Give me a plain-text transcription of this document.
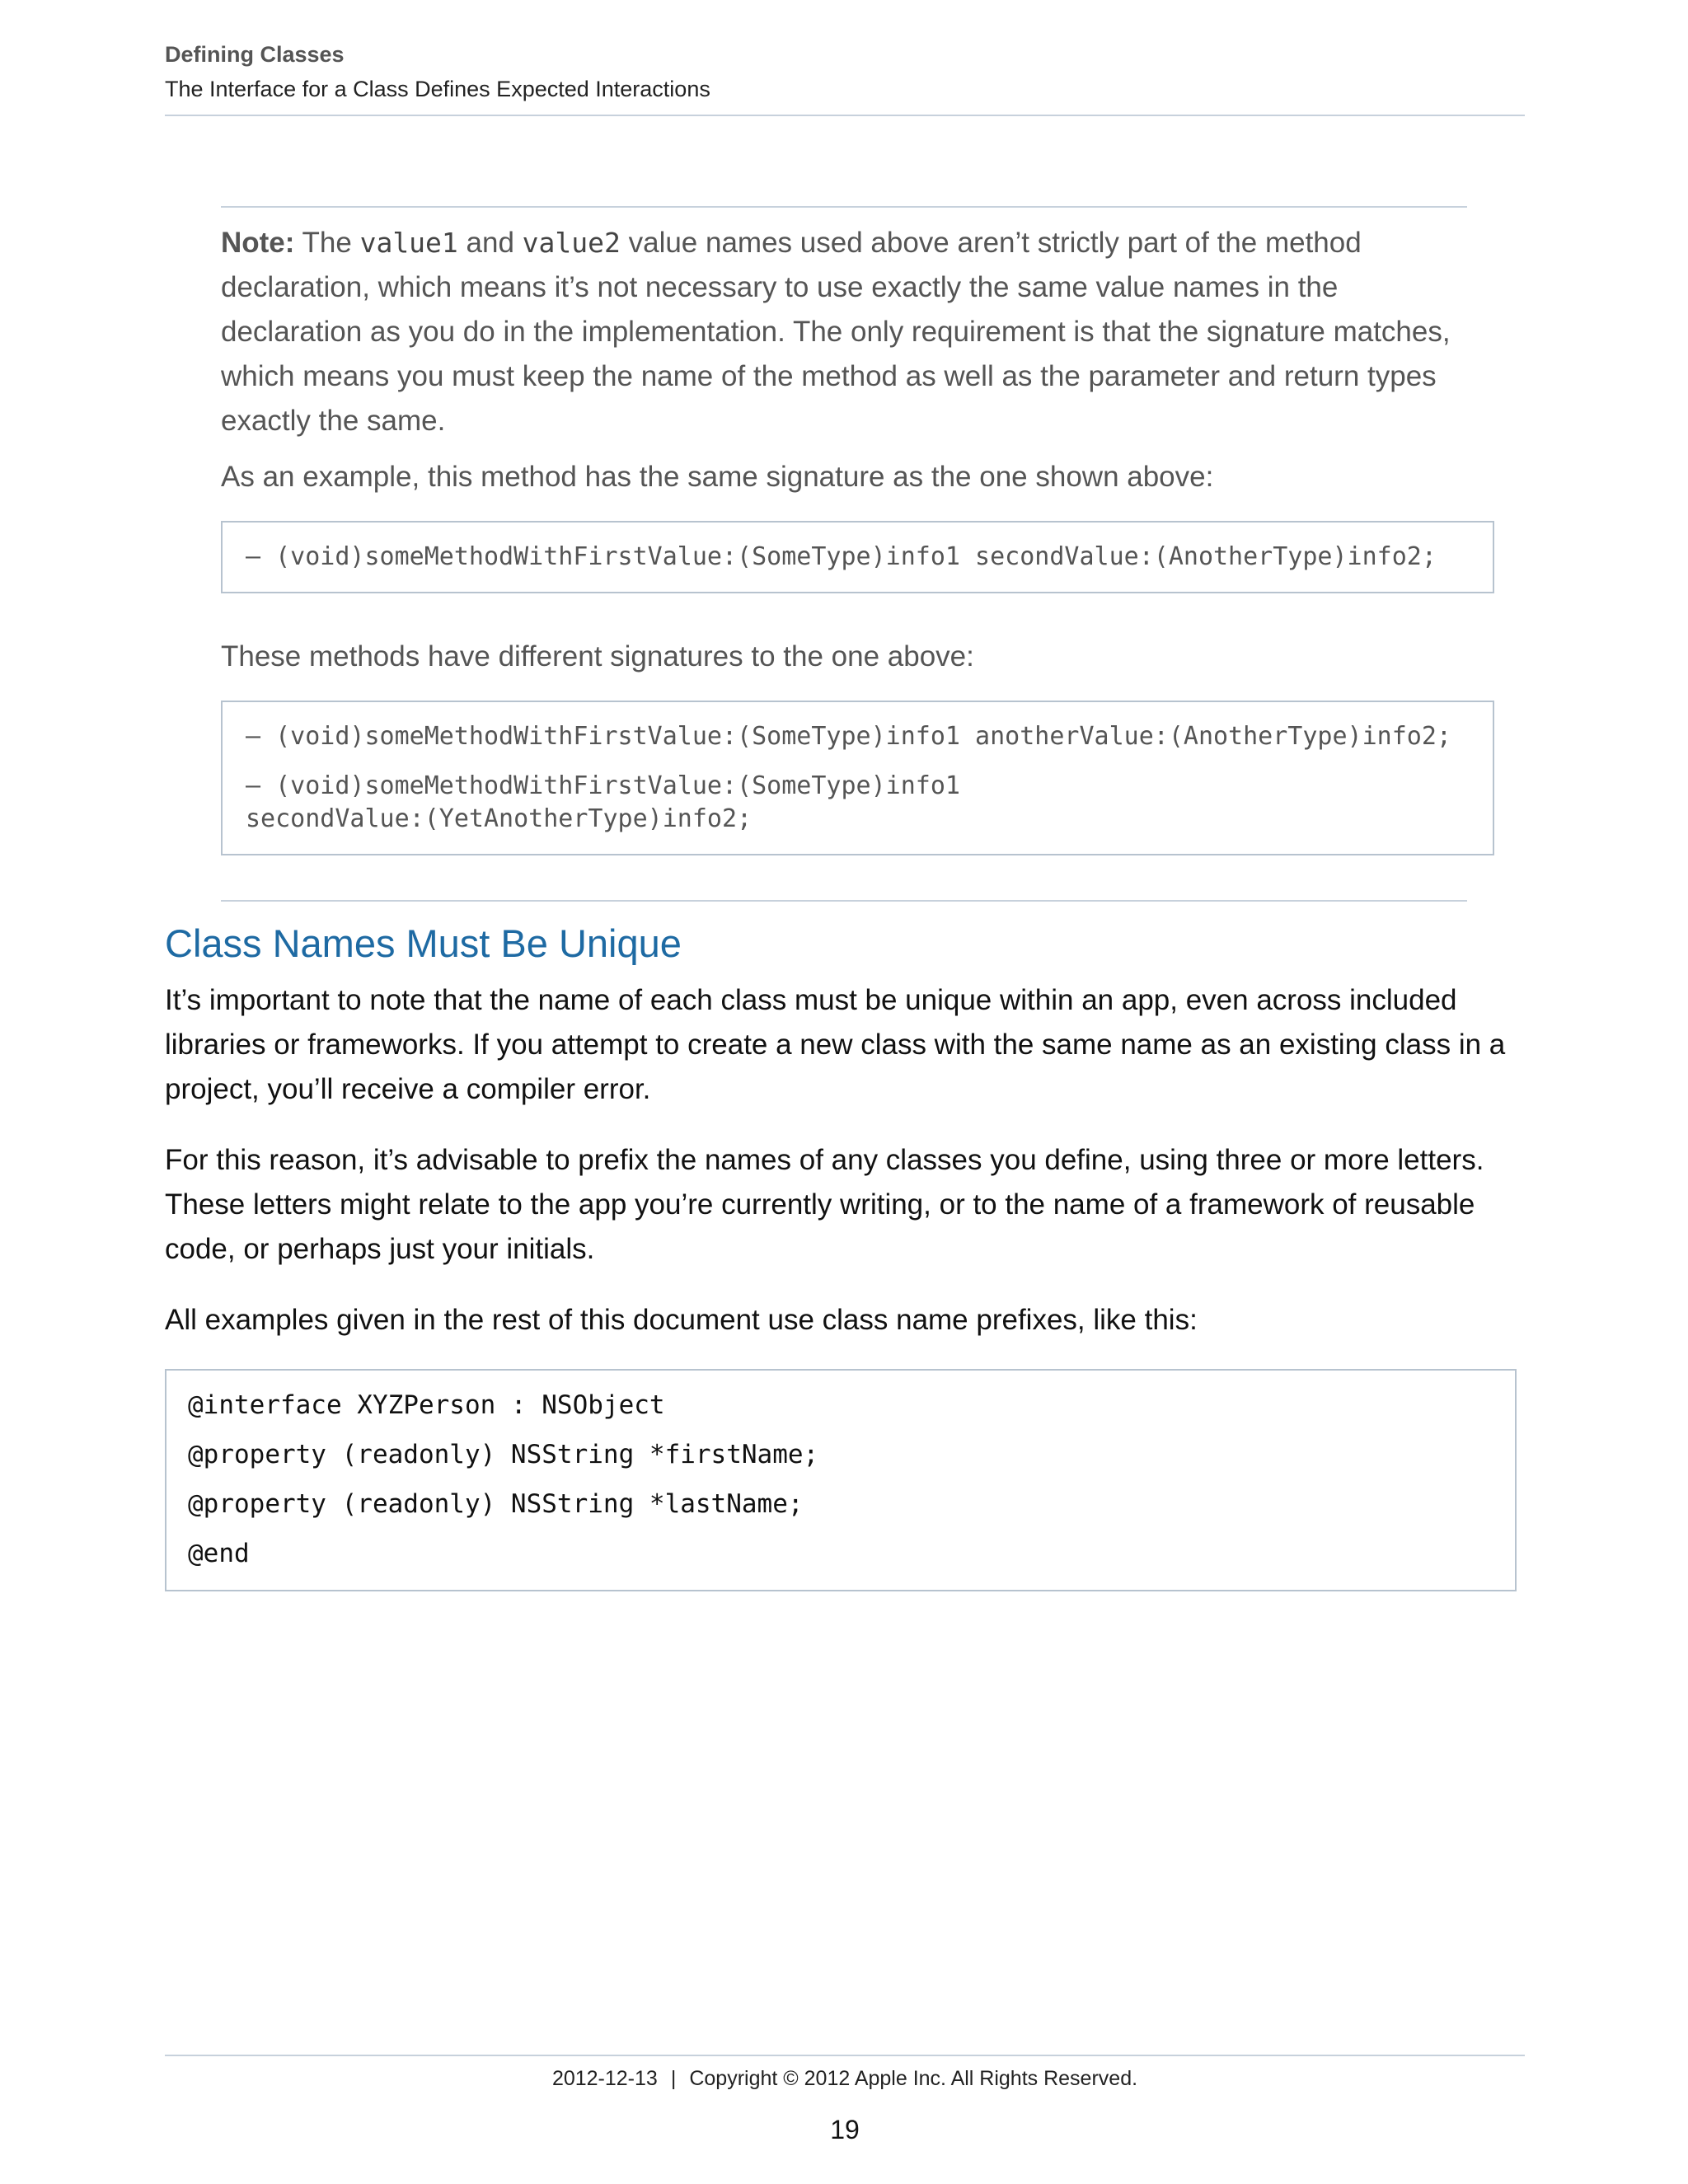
Defining Classes

The Interface for a Class Defines Expected Interactions

Note: The value1 and value2 value names used above aren’t strictly part of the method declaration, which means it’s not necessary to use exactly the same value names in the declaration as you do in the implementation. The only requirement is that the signature matches, which means you must keep the name of the method as well as the parameter and return types exactly the same.

As an example, this method has the same signature as the one shown above:

– (void)someMethodWithFirstValue:(SomeType)info1 secondValue:(AnotherType)info2;

These methods have different signatures to the one above:

– (void)someMethodWithFirstValue:(SomeType)info1 anotherValue:(AnotherType)info2;
– (void)someMethodWithFirstValue:(SomeType)info1
secondValue:(YetAnotherType)info2;
Class Names Must Be Unique

It’s important to note that the name of each class must be unique within an app, even across included libraries or frameworks. If you attempt to create a new class with the same name as an existing class in a project, you’ll receive a compiler error.

For this reason, it’s advisable to prefix the names of any classes you define, using three or more letters. These letters might relate to the app you’re currently writing, or to the name of a framework of reusable code, or perhaps just your initials.

All examples given in the rest of this document use class name prefixes, like this:

@interface XYZPerson : NSObject
@property (readonly) NSString *firstName;
@property (readonly) NSString *lastName;
@end
2012-12-13 | Copyright © 2012 Apple Inc. All Rights Reserved.
19
